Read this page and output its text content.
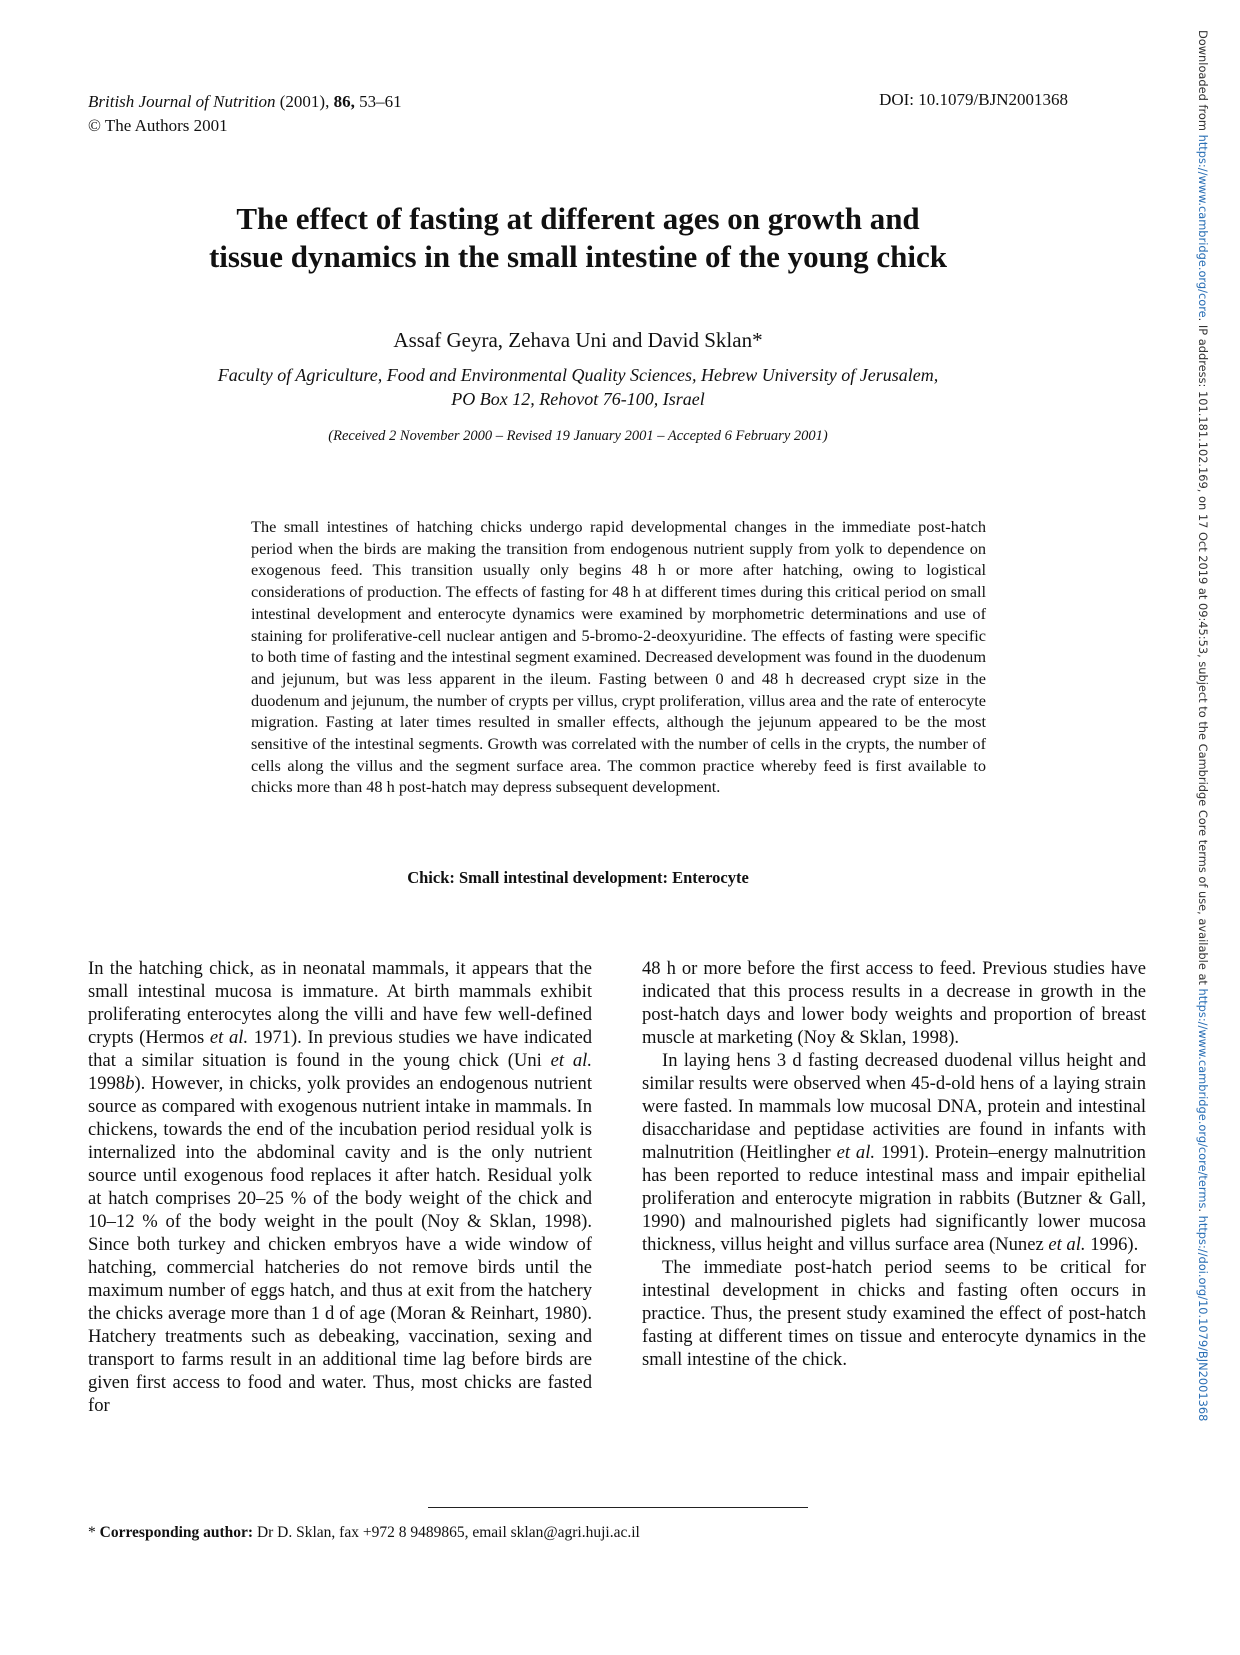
British Journal of Nutrition (2001), 86, 53–61
© The Authors 2001
DOI: 10.1079/BJN2001368
The effect of fasting at different ages on growth and
tissue dynamics in the small intestine of the young chick
Assaf Geyra, Zehava Uni and David Sklan*
Faculty of Agriculture, Food and Environmental Quality Sciences, Hebrew University of Jerusalem,
PO Box 12, Rehovot 76-100, Israel
(Received 2 November 2000 – Revised 19 January 2001 – Accepted 6 February 2001)
The small intestines of hatching chicks undergo rapid developmental changes in the immediate post-hatch period when the birds are making the transition from endogenous nutrient supply from yolk to dependence on exogenous feed. This transition usually only begins 48 h or more after hatching, owing to logistical considerations of production. The effects of fasting for 48 h at different times during this critical period on small intestinal development and enterocyte dynamics were examined by morphometric determinations and use of staining for proliferative-cell nuclear antigen and 5-bromo-2-deoxyuridine. The effects of fasting were specific to both time of fasting and the intestinal segment examined. Decreased development was found in the duodenum and jejunum, but was less apparent in the ileum. Fasting between 0 and 48 h decreased crypt size in the duodenum and jejunum, the number of crypts per villus, crypt proliferation, villus area and the rate of enterocyte migration. Fasting at later times resulted in smaller effects, although the jejunum appeared to be the most sensitive of the intestinal segments. Growth was correlated with the number of cells in the crypts, the number of cells along the villus and the segment surface area. The common practice whereby feed is first available to chicks more than 48 h post-hatch may depress subsequent development.
Chick: Small intestinal development: Enterocyte

In the hatching chick, as in neonatal mammals, it appears that the small intestinal mucosa is immature. At birth mammals exhibit proliferating enterocytes along the villi and have few well-defined crypts (Hermos et al. 1971). In previous studies we have indicated that a similar situation is found in the young chick (Uni et al. 1998b). However, in chicks, yolk provides an endogenous nutrient source as compared with exogenous nutrient intake in mammals. In chickens, towards the end of the incubation period residual yolk is internalized into the abdominal cavity and is the only nutrient source until exogenous food replaces it after hatch. Residual yolk at hatch comprises 20–25 % of the body weight of the chick and 10–12 % of the body weight in the poult (Noy & Sklan, 1998). Since both turkey and chicken embryos have a wide window of hatching, commercial hatcheries do not remove birds until the maximum number of eggs hatch, and thus at exit from the hatchery the chicks average more than 1 d of age (Moran & Reinhart, 1980). Hatchery treatments such as debeaking, vaccination, sexing and transport to farms result in an additional time lag before birds are given first access to food and water. Thus, most chicks are fasted for

48 h or more before the first access to feed. Previous studies have indicated that this process results in a decrease in growth in the post-hatch days and lower body weights and proportion of breast muscle at marketing (Noy & Sklan, 1998).

In laying hens 3 d fasting decreased duodenal villus height and similar results were observed when 45-d-old hens of a laying strain were fasted. In mammals low mucosal DNA, protein and intestinal disaccharidase and peptidase activities are found in infants with malnutrition (Heitlingher et al. 1991). Protein–energy malnutrition has been reported to reduce intestinal mass and impair epithelial proliferation and enterocyte migration in rabbits (Butzner & Gall, 1990) and malnourished piglets had significantly lower mucosa thickness, villus height and villus surface area (Nunez et al. 1996).

The immediate post-hatch period seems to be critical for intestinal development in chicks and fasting often occurs in practice. Thus, the present study examined the effect of post-hatch fasting at different times on tissue and enterocyte dynamics in the small intestine of the chick.

* Corresponding author: Dr D. Sklan, fax +972 8 9489865, email sklan@agri.huji.ac.il
Downloaded from https://www.cambridge.org/core. IP address: 101.181.102.169, on 17 Oct 2019 at 09:45:53, subject to the Cambridge Core terms of use, available at https://www.cambridge.org/core/terms. https://doi.org/10.1079/BJN2001368
